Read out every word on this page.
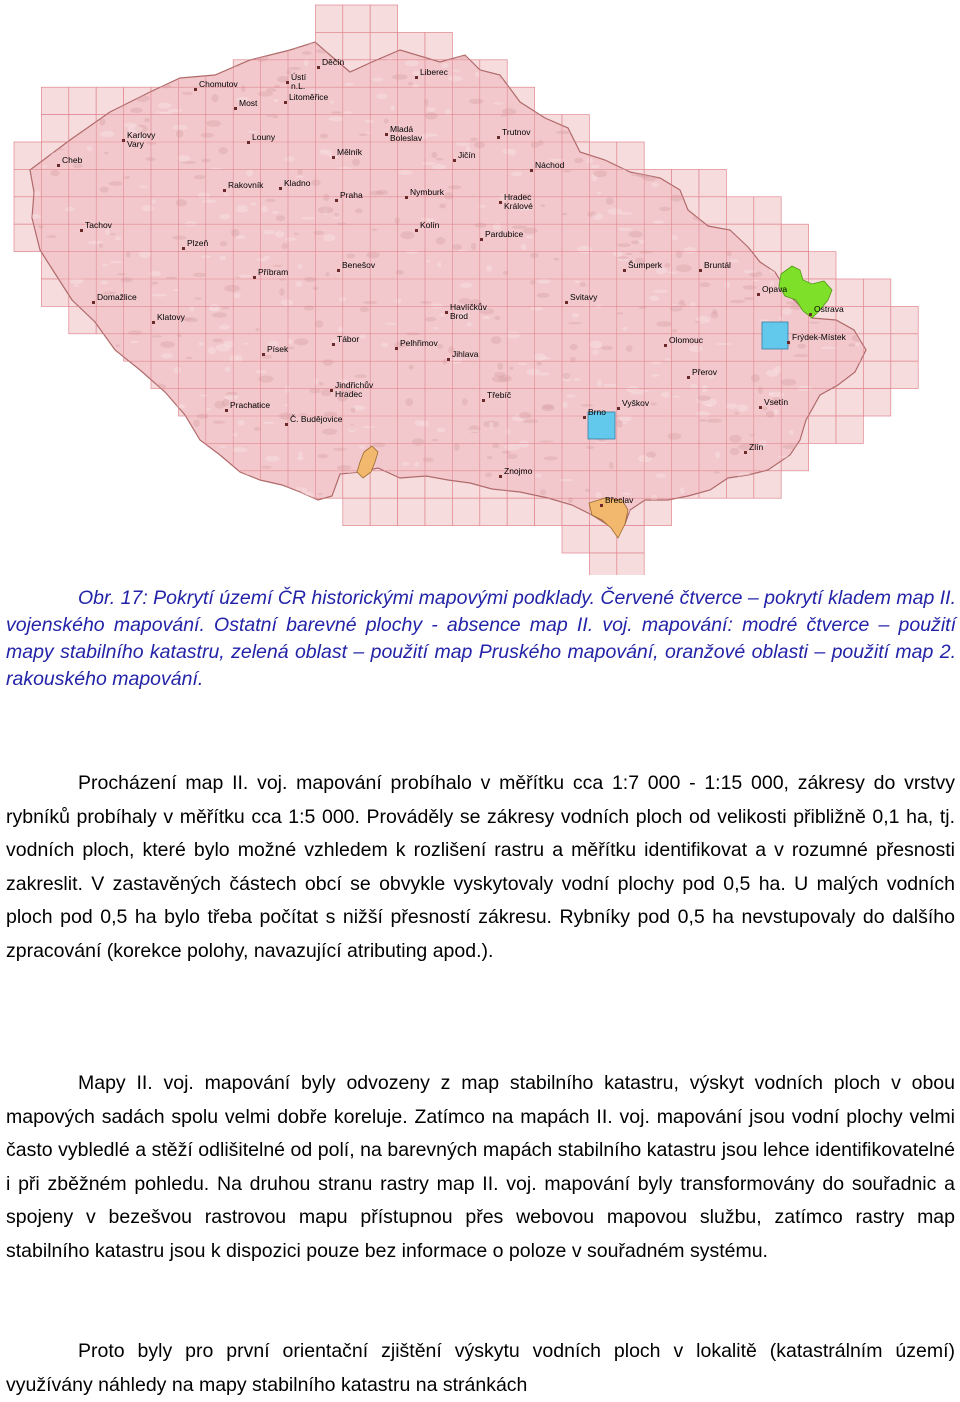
Děčín
Ústí n.L.
Liberec
Most
Chomutov
Litoměřice
Karlovy Vary
Louny
Mělník
Mladá Boleslav
Jičín
Trutnov
Náchod
Cheb
Rakovník Kladno
Praha	Nymburk	Hradec Králové
Tachov	Kolín
Pardubice
Plzeň
Příbram
Benešov	Šumperk	Bruntál
Opava
Domažlice
Havlíčkův Brod
Svitavy
Ostrava
Klatovy
Tábor	Pelhřimov	Olomouc	Frýdek-Místek
Písek	Jihlava
Přerov
Jindřichův Hradec	Třebíč
Vyškov	Vsetín
Prachatice
Brno
Zlín
Č. Budějovice
Znojmo
Břeclav

Obr. 17: Pokrytí území ČR historickými mapovými podklady. Červené čtverce – pokrytí kladem map II. vojenského mapování. Ostatní barevné plochy - absence map II. voj. mapování: modré čtverce – použití mapy stabilního katastru, zelená oblast – použití map Pruského mapování, oranžové oblasti – použití map 2. rakouského mapování.

Procházení map II. voj. mapování probíhalo v měřítku cca 1:7 000 - 1:15 000, zákresy do vrstvy rybníků probíhaly v měřítku cca 1:5 000. Prováděly se zákresy vodních ploch od velikosti přibližně 0,1 ha, tj. vodních ploch, které bylo možné vzhledem k rozlišení rastru a měřítku identifikovat a v rozumné přesnosti zakreslit. V zastavěných částech obcí se obvykle vyskytovaly vodní plochy pod 0,5 ha. U malých vodních ploch pod 0,5 ha bylo třeba počítat s nižší přesností zákresu. Rybníky pod 0,5 ha nevstupovaly do dalšího zpracování (korekce polohy, navazující atributing apod.).

Mapy II. voj. mapování byly odvozeny z map stabilního katastru, výskyt vodních ploch v obou mapových sadách spolu velmi dobře koreluje. Zatímco na mapách II. voj. mapování jsou vodní plochy velmi často vybledlé a stěží odlišitelné od polí, na barevných mapách stabilního katastru jsou lehce identifikovatelné i při zběžném pohledu. Na druhou stranu rastry map II. voj. mapování byly transformovány do souřadnic a spojeny v bezešvou rastrovou mapu přístupnou přes webovou mapovou službu, zatímco rastry map stabilního katastru jsou k dispozici pouze bez informace o poloze v souřadném systému.

Proto byly pro první orientační zjištění výskytu vodních ploch v lokalitě (katastrálním území) využívány náhledy na mapy stabilního katastru na stránkách
